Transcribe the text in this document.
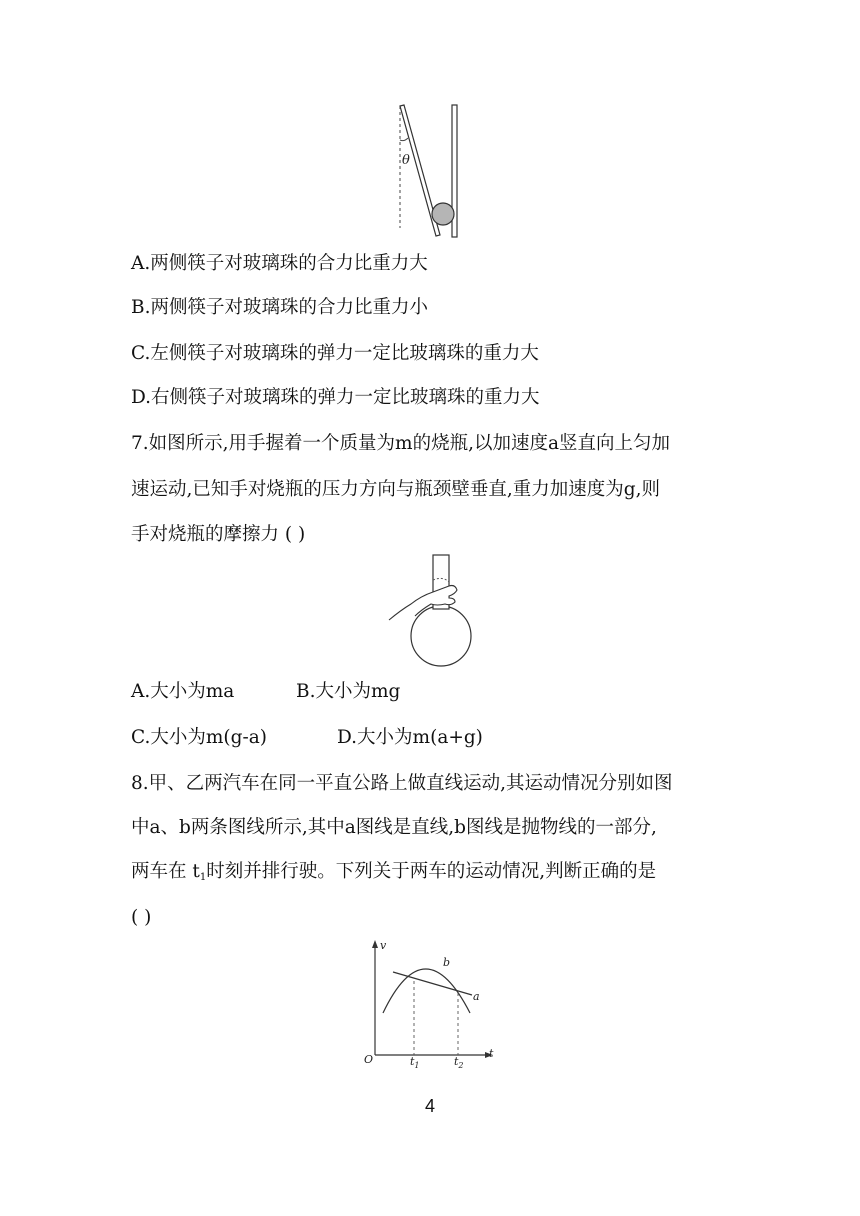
θ
A.两侧筷子对玻璃珠的合力比重力大
B.两侧筷子对玻璃珠的合力比重力小
C.左侧筷子对玻璃珠的弹力一定比玻璃珠的重力大
D.右侧筷子对玻璃珠的弹力一定比玻璃珠的重力大
7.如图所示,用手握着一个质量为m的烧瓶,以加速度a竖直向上匀加
速运动,已知手对烧瓶的压力方向与瓶颈壁垂直,重力加速度为g,则
手对烧瓶的摩擦力 ( )
A.大小为ma	B.大小为mg
C.大小为m(g-a)	D.大小为m(a+g)
8.甲、乙两汽车在同一平直公路上做直线运动,其运动情况分别如图
中a、b两条图线所示,其中a图线是直线,b图线是抛物线的一部分,
两车在 $t_1$时刻并排行驶。下列关于两车的运动情况,判断正确的是
( )
v
t
O
b
a
$t_1$	$t_2$
4
